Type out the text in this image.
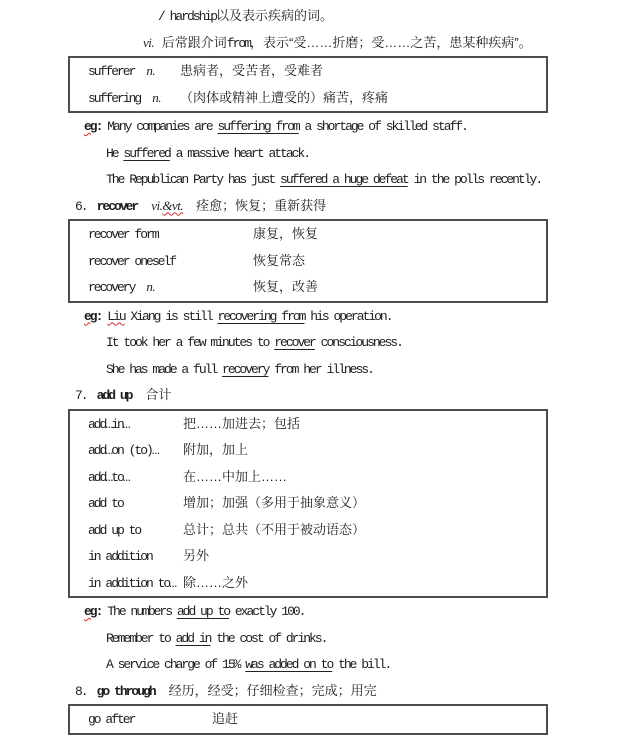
/ hardship以及表示疾病的词。
vi. 后常跟介词from，表示“受……折磨；受……之苦，患某种疾病”。
sufferer n. 患病者，受苦者，受难者
suffering n. （肉体或精神上遭受的）痛苦，疼痛
eg: Many companies are suffering from a shortage of skilled staff.
He suffered a massive heart attack.
The Republican Party has just suffered a huge defeat in the polls recently.
6. recover vi.&vt. 痊愈；恢复；重新获得
recover form	康复，恢复
recover oneself	恢复常态
recovery n.	恢复，改善
eg: Liu Xiang is still recovering from his operation.
It took her a few minutes to recover consciousness.
She has made a full recovery from her illness.
7. add up 合计
add…in…	把……加进去；包括
add…on (to)… 附加，加上
add…to…	在……中加上……
add to	增加；加强（多用于抽象意义）
add up to	总计；总共（不用于被动语态）
in addition 另外
in addition to… 除……之外
eg: The numbers add up to exactly 100.
Remember to add in the cost of drinks.
A service charge of 15% was added on to the bill.
8. go through 经历，经受；仔细检查；完成；用完
go after	追赶
